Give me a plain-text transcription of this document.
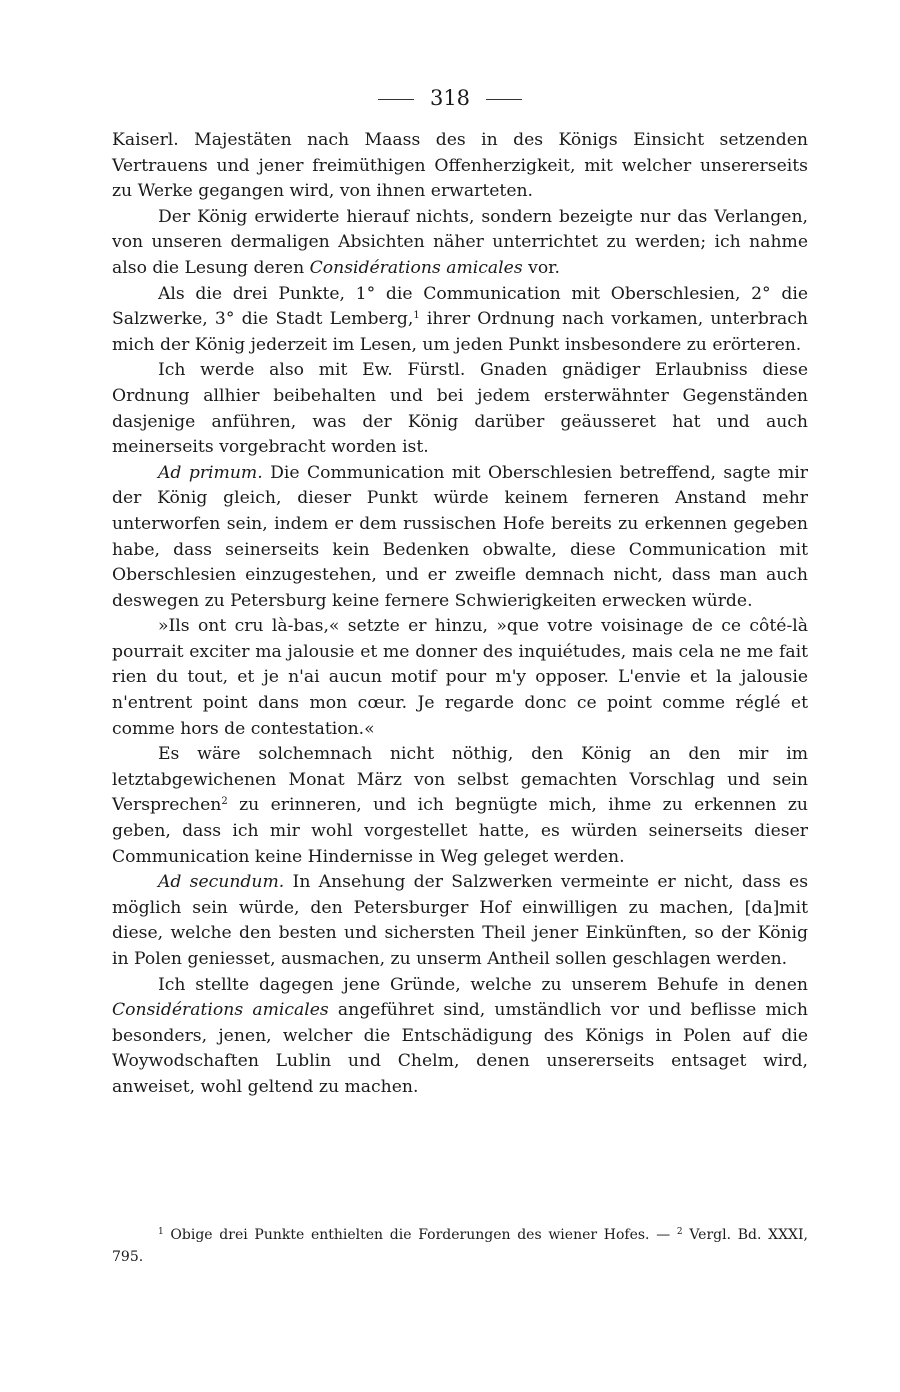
318

Kaiserl. Majestäten nach Maass des in des Königs Einsicht setzenden Vertrauens und jener freimüthigen Offenherzigkeit, mit welcher unsererseits zu Werke gegangen wird, von ihnen erwarteten.

Der König erwiderte hierauf nichts, sondern bezeigte nur das Verlangen, von unseren dermaligen Absichten näher unterrichtet zu werden; ich nahme also die Lesung deren Considérations amicales vor.

Als die drei Punkte, 1° die Communication mit Oberschlesien, 2° die Salzwerke, 3° die Stadt Lemberg,$^1$ ihrer Ordnung nach vorkamen, unterbrach mich der König jederzeit im Lesen, um jeden Punkt insbesondere zu erörteren.

Ich werde also mit Ew. Fürstl. Gnaden gnädiger Erlaubniss diese Ordnung allhier beibehalten und bei jedem ersterwähnter Gegenständen dasjenige anführen, was der König darüber geäusseret hat und auch meinerseits vorgebracht worden ist.

Ad primum. Die Communication mit Oberschlesien betreffend, sagte mir der König gleich, dieser Punkt würde keinem ferneren Anstand mehr unterworfen sein, indem er dem russischen Hofe bereits zu erkennen gegeben habe, dass seinerseits kein Bedenken obwalte, diese Communication mit Oberschlesien einzugestehen, und er zweifle demnach nicht, dass man auch deswegen zu Petersburg keine fernere Schwierigkeiten erwecken würde.

»Ils ont cru là-bas,« setzte er hinzu, »que votre voisinage de ce côté-là pourrait exciter ma jalousie et me donner des inquiétudes, mais cela ne me fait rien du tout, et je n'ai aucun motif pour m'y opposer. L'envie et la jalousie n'entrent point dans mon cœur. Je regarde donc ce point comme réglé et comme hors de contestation.«

Es wäre solchemnach nicht nöthig, den König an den mir im letztabgewichenen Monat März von selbst gemachten Vorschlag und sein Versprechen$^2$ zu erinneren, und ich begnügte mich, ihme zu erkennen zu geben, dass ich mir wohl vorgestellet hatte, es würden seinerseits dieser Communication keine Hindernisse in Weg geleget werden.

Ad secundum. In Ansehung der Salzwerken vermeinte er nicht, dass es möglich sein würde, den Petersburger Hof einwilligen zu machen, [da]mit diese, welche den besten und sichersten Theil jener Einkünften, so der König in Polen geniesset, ausmachen, zu unserm Antheil sollen geschlagen werden.

Ich stellte dagegen jene Gründe, welche zu unserem Behufe in denen Considérations amicales angeführet sind, umständlich vor und beflisse mich besonders, jenen, welcher die Entschädigung des Königs in Polen auf die Woywodschaften Lublin und Chelm, denen unsererseits entsaget wird, anweiset, wohl geltend zu machen.

$^1$ Obige drei Punkte enthielten die Forderungen des wiener Hofes. — $^2$ Vergl. Bd. XXXI, 795.
